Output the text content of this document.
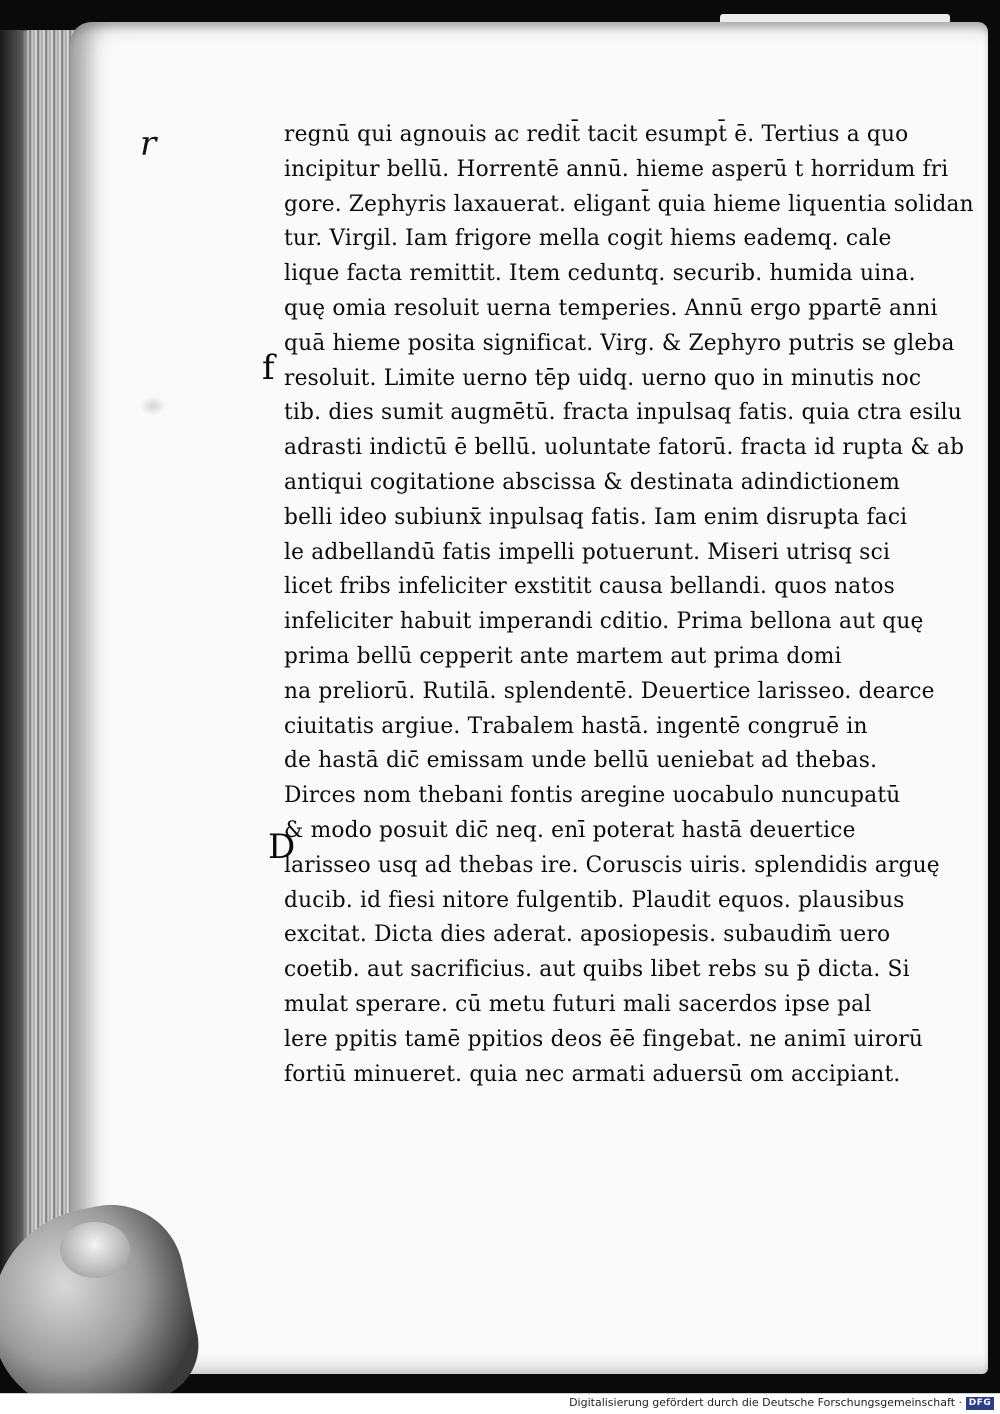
r
f
D
regnū qui agnouis ac redit̄ tacit esumpt̄ ē. Tertius a quo
incipitur bellū. Horrentē annū. hieme asperū t horridum fri
gore. Zephyris laxauerat. eligant̄ quia hieme liquentia solidan
tur. Virgil. Iam frigore mella cogit hiems eademq. cale
lique facta remittit. Item ceduntq. securib. humida uina.
quę omia resoluit uerna temperies. Annū ergo ppartē anni
quā hieme posita significat. Virg. & Zephyro putris se gleba
resoluit. Limite uerno tēp uidq. uerno quo in minutis noc
tib. dies sumit augmētū. fracta inpulsaq fatis. quia ctra esilu
adrasti indictū ē bellū. uoluntate fatorū. fracta id rupta & ab
antiqui cogitatione abscissa & destinata adindictionem
belli ideo subiunx̄ inpulsaq fatis. Iam enim disrupta faci
le adbellandū fatis impelli potuerunt. Miseri utrisq sci
licet fribs infeliciter exstitit causa bellandi. quos natos
infeliciter habuit imperandi cditio. Prima bellona aut quę
prima bellū cepperit ante martem aut prima domi
na preliorū. Rutilā. splendentē. Deuertice larisseo. dearce
ciuitatis argiue. Trabalem hastā. ingentē congruē in
de hastā dic̄ emissam unde bellū ueniebat ad thebas.
Dirces nom thebani fontis aregine uocabulo nuncupatū
& modo posuit dic̄ neq. enī poterat hastā deuertice
larisseo usq ad thebas ire. Coruscis uiris. splendidis arguę
ducib. id fiesi nitore fulgentib. Plaudit equos. plausibus
excitat. Dicta dies aderat. aposiopesis. subaudim̄ uero
coetib. aut sacrificius. aut quibs libet rebs su p̄ dicta. Si
mulat sperare. cū metu futuri mali sacerdos ipse pal
lere ppitis tamē ppitios deos ēē fingebat. ne animī uirorū
fortiū minueret. quia nec armati aduersū om accipiant.
Digitalisierung gefördert durch die Deutsche Forschungsgemeinschaft · DFG
